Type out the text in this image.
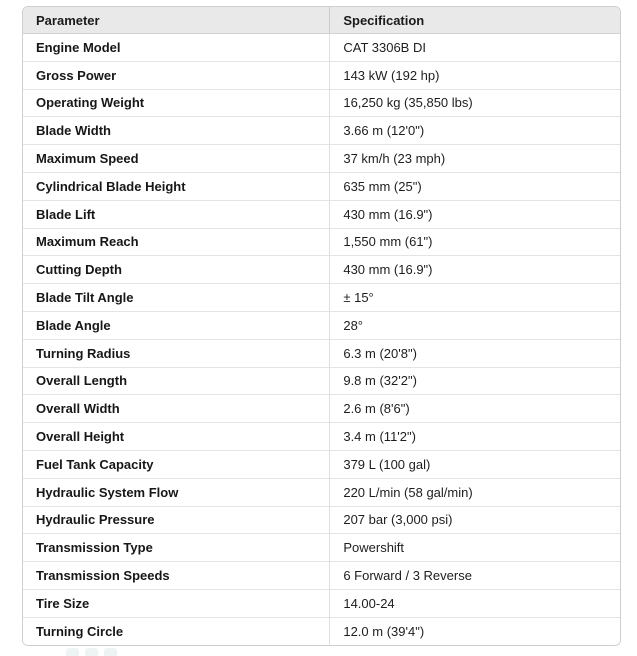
Parameter	Specification
Engine Model	CAT 3306B DI
Gross Power	143 kW (192 hp)
Operating Weight	16,250 kg (35,850 lbs)
Blade Width	3.66 m (12'0")
Maximum Speed	37 km/h (23 mph)
Cylindrical Blade Height	635 mm (25")
Blade Lift	430 mm (16.9")
Maximum Reach	1,550 mm (61")
Cutting Depth	430 mm (16.9")
Blade Tilt Angle	± 15°
Blade Angle	28°
Turning Radius	6.3 m (20'8")
Overall Length	9.8 m (32'2")
Overall Width	2.6 m (8'6")
Overall Height	3.4 m (11'2")
Fuel Tank Capacity	379 L (100 gal)
Hydraulic System Flow	220 L/min (58 gal/min)
Hydraulic Pressure	207 bar (3,000 psi)
Transmission Type	Powershift
Transmission Speeds	6 Forward / 3 Reverse
Tire Size	14.00-24
Turning Circle	12.0 m (39'4")
